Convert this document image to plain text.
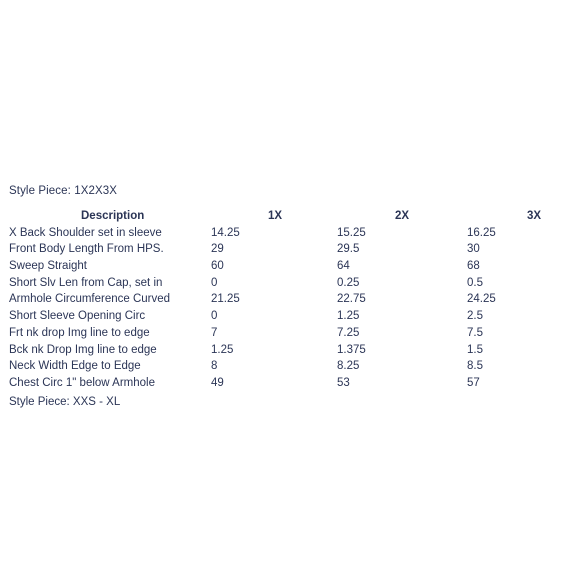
Style Piece: 1X2X3X
Description	1X	2X	3X
X Back Shoulder set in sleeve	14.25	15.25	16.25
Front Body Length From HPS.	29	29.5	30
Sweep Straight	60	64	68
Short Slv Len from Cap, set in	0	0.25	0.5
Armhole Circumference Curved	21.25	22.75	24.25
Short Sleeve Opening Circ	0	1.25	2.5
Frt nk drop Img line to edge	7	7.25	7.5
Bck nk Drop Img line to edge	1.25	1.375	1.5
Neck Width Edge to Edge	8	8.25	8.5
Chest Circ 1" below Armhole	49	53	57
Style Piece: XXS - XL
